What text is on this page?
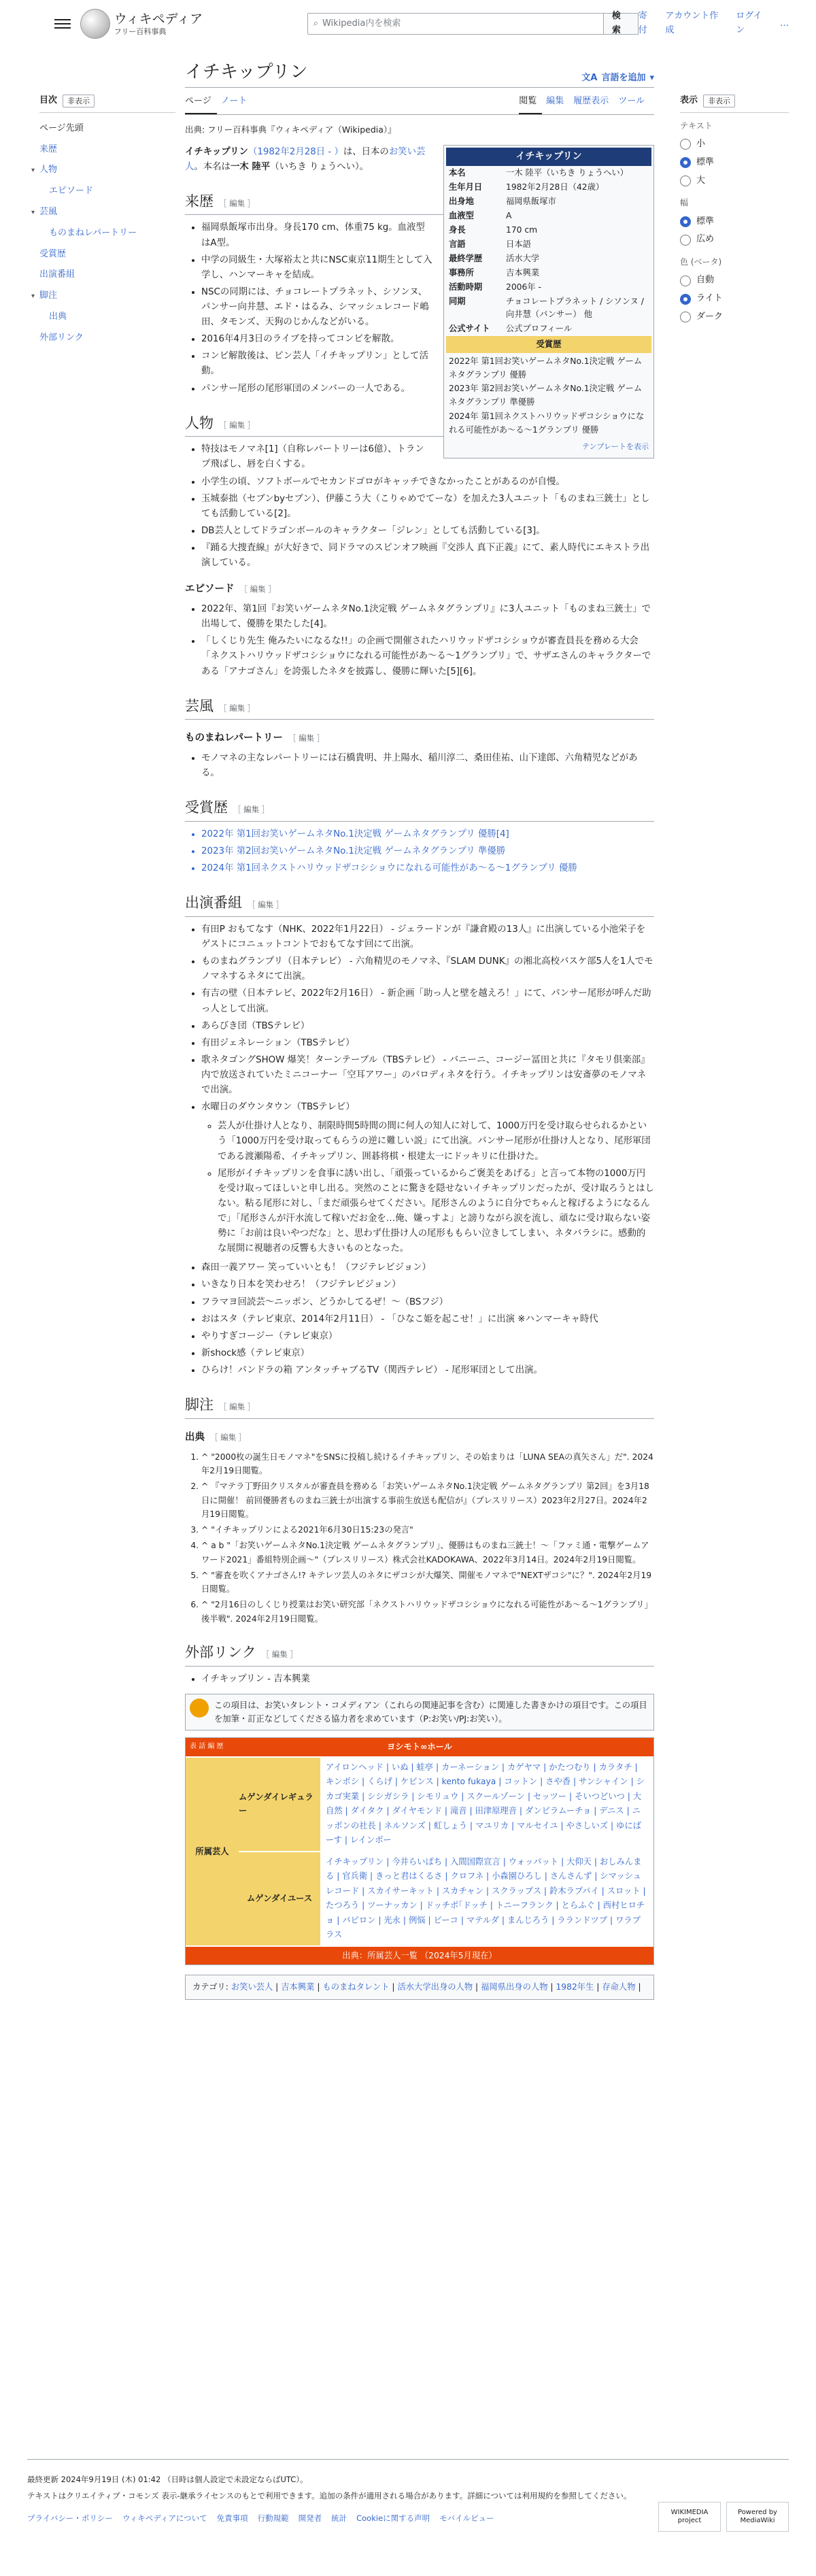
ウィキペディア
フリー百科事典
⌕ Wikipedia内を検索
検索
寄付
アカウント作成
ログイン
…
目次	非表示
ページ先頭
来歴
▾ 人物
エピソード
▾ 芸風
ものまねレパートリー
受賞歴
出演番組
▾ 脚注
出典
外部リンク
表示	非表示
テキスト
小
標準
大
幅
標準
広め
色 (ベータ)
自動
ライト
ダーク
イチキップリン	文A 言語を追加 ▾
ページ	ノート	閲覧	編集	履歴表示	ツール
出典: フリー百科事典『ウィキペディア（Wikipedia）』
イチキップリン
本名	一木 陸平（いちき りょうへい）
生年月日	1982年2月28日（42歳）
出身地	福岡県飯塚市
血液型	A
身長	170 cm
言語	日本語
最終学歴	活水大学
事務所	吉本興業
活動時期	2006年 -
同期	チョコレートプラネット / シソンヌ / 向井慧（パンサー） 他
公式サイト	公式プロフィール
受賞歴
2022年 第1回お笑いゲームネタNo.1決定戦 ゲームネタグランプリ 優勝
2023年 第2回お笑いゲームネタNo.1決定戦 ゲームネタグランプリ 準優勝
2024年 第1回ネクストハリウッドザコシショウになれる可能性があ〜る〜1グランプリ 優勝
テンプレートを表示

イチキップリン（1982年2月28日 - ）は、日本のお笑い芸人。本名は一木 陸平（いちき りょうへい）。

来歴 ［ 編集 ］
• 福岡県飯塚市出身。身長170 cm、体重75 kg。血液型はA型。
• 中学の同級生・大塚裕太と共にNSC東京11期生として入学し、ハンマーキャを結成。
• NSCの同期には、チョコレートプラネット、シソンヌ、パンサー向井慧、エド・はるみ、シマッシュレコード嶋田、タモンズ、天狗のじかんなどがいる。
• 2016年4月3日のライブを持ってコンビを解散。
• コンビ解散後は、ピン芸人「イチキップリン」として活動。
• パンサー尾形の尾形軍団のメンバーの一人である。
人物 ［ 編集 ］
• 特技はモノマネ[1]（自称レパートリーは6億）、トランプ飛ばし、唇を白くする。
• 小学生の頃、ソフトボールでセカンドゴロがキャッチできなかったことがあるのが自慢。
• 玉城泰拙（セブンbyセブン）、伊藤こう大（こりゃめでてーな）を加えた3人ユニット「ものまね三銃士」としても活動している[2]。
• DB芸人としてドラゴンボールのキャラクター「ジレン」としても活動している[3]。
• 『踊る大捜査線』が大好きで、同ドラマのスピンオフ映画『交渉人 真下正義』にて、素人時代にエキストラ出演している。
エピソード ［ 編集 ］
• 2022年、第1回『お笑いゲームネタNo.1決定戦 ゲームネタグランプリ』に3人ユニット「ものまね三銃士」で出場して、優勝を果たした[4]。
• 「しくじり先生 俺みたいになるな!!」の企画で開催されたハリウッドザコシショウが審査員長を務める大会「ネクストハリウッドザコシショウになれる可能性があ〜る〜1グランプリ」で、サザエさんのキャラクターである「アナゴさん」を誇張したネタを披露し、優勝に輝いた[5][6]。
芸風 ［ 編集 ］
ものまねレパートリー ［ 編集 ］
• モノマネの主なレパートリーには石橋貴明、井上陽水、稲川淳二、桑田佳祐、山下達郎、六角精児などがある。
受賞歴 ［ 編集 ］
• 2022年 第1回お笑いゲームネタNo.1決定戦 ゲームネタグランプリ 優勝[4]
• 2023年 第2回お笑いゲームネタNo.1決定戦 ゲームネタグランプリ 準優勝
• 2024年 第1回ネクストハリウッドザコシショウになれる可能性があ〜る〜1グランプリ 優勝
出演番組 ［ 編集 ］
• 有田P おもてなす（NHK、2022年1月22日） - ジェラードンが『謙倉殿の13人』に出演している小池栄子をゲストにコニュットコントでおもてなす回にて出演。
• ものまねグランプリ（日本テレビ） - 六角精児のモノマネ、『SLAM DUNK』の湘北高校バスケ部5人を1人でモノマネするネタにて出演。
• 有吉の壁（日本テレビ、2022年2月16日） - 新企画「助っ人と壁を越えろ！」にて、パンサー尾形が呼んだ助っ人として出演。
• あらびき団（TBSテレビ）
• 有田ジェネレーション（TBSテレビ）
• 歌ネタゴングSHOW 爆笑！ターンテーブル（TBSテレビ） - バニーニ、コージー冨田と共に『タモリ倶楽部』内で放送されていたミニコーナー「空耳アワー」のパロディネタを行う。イチキップリンは安斎夢のモノマネで出演。
• 水曜日のダウンタウン（TBSテレビ）
◦ 芸人が仕掛け人となり、制限時間5時間の間に何人の知人に対して、1000万円を受け取らせられるかという「1000万円を受け取ってもらうの逆に難しい説」にて出演。パンサー尾形が仕掛け人となり、尾形軍団である渡瀬陽希、イチキップリン、囲碁将棋・根建太一にドッキリに仕掛けた。
◦ 尾形がイチキップリンを食事に誘い出し、「頑張っているからご褒美をあげる」と言って本物の1000万円を受け取ってほしいと申し出る。突然のことに驚きを隠せないイチキップリンだったが、受け取ろうとはしない。粘る尾形に対し、「まだ頑張らせてください。尾形さんのように自分でちゃんと稼げるようになるんで」「尾形さんが汗水流して稼いだお金を…俺、嫌っすよ」と謗りながら涙を流し、頑なに受け取らない姿勢に「お前は良いやつだな」と、思わず仕掛け人の尾形ももらい泣きしてしまい、ネタバラシに。感動的な展開に視聴者の反響も大きいものとなった。
• 森田一義アワー 笑っていいとも！（フジテレビジョン）
• いきなり日本を笑わせろ！（フジテレビジョン）
• フラマヨ回読芸〜ニッポン、どうかしてるぜ！〜（BSフジ）
• おはスタ（テレビ東京、2014年2月11日） - 「ひなこ姫を起こせ！」に出演 ※ハンマーキャ時代
• やりすぎコージー（テレビ東京）
• 新shock感（テレビ東京）
• ひらけ！パンドラの箱 アンタッチャブるTV（関西テレビ） - 尾形軍団として出演。
脚注 ［ 編集 ］
出典 ［ 編集 ］
1. ^ "2000枚の誕生日モノマネ"をSNSに投稿し続けるイチキップリン、その始まりは「LUNA SEAの真矢さん」だ". 2024年2月19日閲覧。
2. ^ 『マテラ丁野田クリスタルが審査員を務める「お笑いゲームネタNo.1決定戦 ゲームネタグランプリ 第2回」を3月18日に開催！ 前回優勝者ものまね三銃士が出演する事前生放送も配信が』（プレスリリース）2023年2月27日。2024年2月19日閲覧。
3. ^ "イチキップリンによる2021年6月30日15:23の発言"
4. ^ a b "「お笑いゲームネタNo.1決定戦 ゲームネタグランプリ」、優勝はものまね三銃士！〜「ファミ通・電撃ゲームアワード2021」番組特別企画〜"（プレスリリース）株式会社KADOKAWA、2022年3月14日。2024年2月19日閲覧。
5. ^ "審査を吹くアナゴさん!? キテレツ芸人のネタにザコシが大爆笑、開催モノマネで"NEXTザコシ"に？". 2024年2月19日閲覧。
6. ^ "2月16日のしくじり授業はお笑い研究部「ネクストハリウッドザコシショウになれる可能性があ〜る〜1グランプリ」後半戦". 2024年2月19日閲覧。
外部リンク ［ 編集 ］
• イチキップリン - 吉本興業
この項目は、お笑いタレント・コメディアン（これらの関連記事を含む）に関連した書きかけの項目です。この項目を加筆・訂正などしてくださる協力者を求めています（P:お笑い/PJ:お笑い）。
表 話 編 歴	ヨシモト∞ホール
所属芸人
ムゲンダイレギュラー
アイロンヘッド | いぬ | 蛙亭 | カーネーション | カゲヤマ | かたつむり | カラタチ | キンボシ | くらげ | ケビンス | kento fukaya | コットン | さや香 | サンシャイン | シカゴ実業 | シシガシラ | シモリュウ | スクールゾーン | セッツー | そいつどいつ | 大自然 | ダイタク | ダイヤモンド | 滝音 | 田津原理音 | ダンビラムーチョ | デニス | ニッポンの社長 | ネルソンズ | 虹しょう | マユリカ | マルセイユ | やさしいズ | ゆにばーす | レインボー
ムゲンダイユース
イチキップリン | 今井らいぱち | 入間国際宣言 | ウォッパット | 大仰天 | おしみんまる | 官兵衛 | きっと君はくるさ | クロフネ | 小森園ひろし | さんさんず | シマッシュレコード | スカイサーキット | スカチャン | スクラップス | 鈴木ラプパイ | スロット | たつろう | ツーナッカン | ドッチボ｢ドッチ | トニーフランク | とらふぐ | 西村ヒロチョ | パピロン | 光永 | 例悩 | ピーコ | マテルダ | まんじろう | ラランドツブ | ワラプラス
出典：所属芸人一覧 （2024年5月現在）
カテゴリ: お笑い芸人 | 吉本興業 | ものまねタレント | 活水大学出身の人物 | 福岡県出身の人物 | 1982年生 | 存命人物 |

最終更新 2024年9月19日 (木) 01:42 （日時は個人設定で未設定ならばUTC）。

テキストはクリエイティブ・コモンズ 表示-継承ライセンスのもとで利用できます。追加の条件が適用される場合があります。詳細については利用規約を参照してください。

プライバシー・ポリシー ウィキペディアについて 免責事項 行動規範 開発者 統計 Cookieに関する声明 モバイルビュー
WIKIMEDIA project
Powered by MediaWiki
